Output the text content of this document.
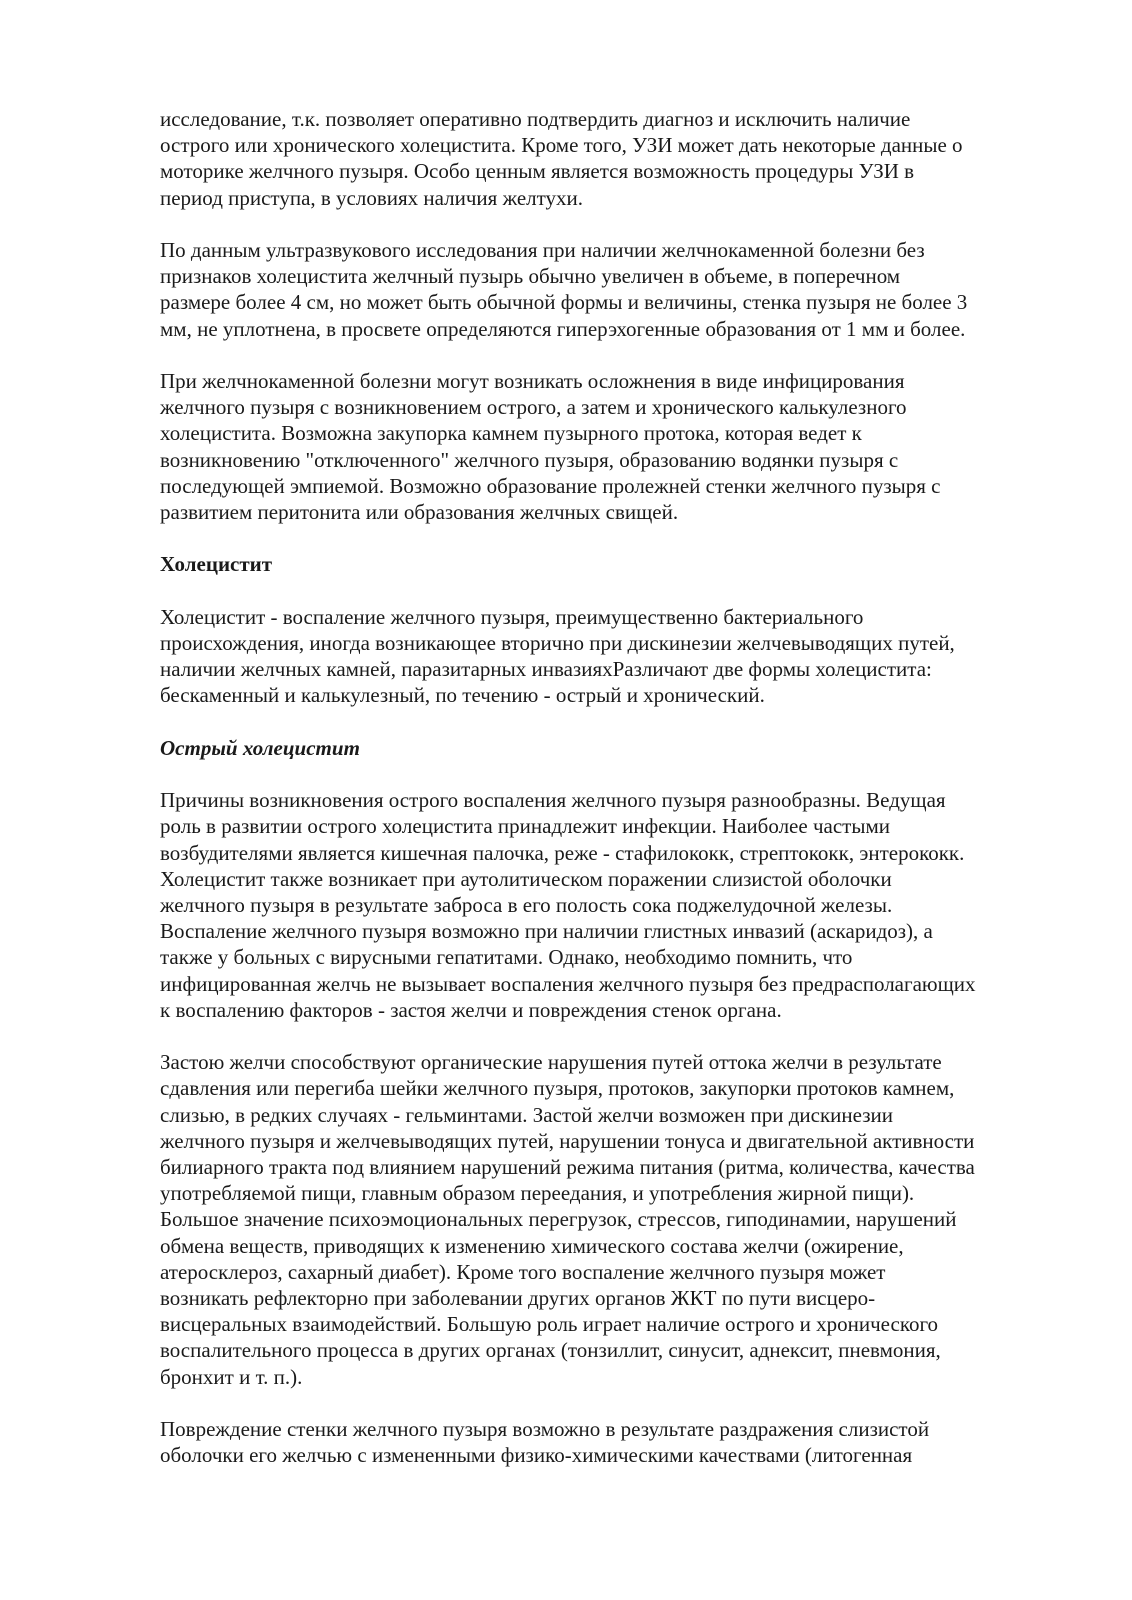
исследование, т.к. позволяет оперативно подтвердить диагноз и исключить наличие
острого или хронического холецистита. Кроме того, УЗИ может дать некоторые данные о
моторике желчного пузыря. Особо ценным является возможность процедуры УЗИ в
период приступа, в условиях наличия желтухи.
По данным ультразвукового исследования при наличии желчнокаменной болезни без
признаков холецистита желчный пузырь обычно увеличен в объеме, в поперечном
размере более 4 см, но может быть обычной формы и величины, стенка пузыря не более 3
мм, не уплотнена, в просвете определяются гиперэхогенные образования от 1 мм и более.
При желчнокаменной болезни могут возникать осложнения в виде инфицирования
желчного пузыря с возникновением острого, а затем и хронического калькулезного
холецистита. Возможна закупорка камнем пузырного протока, которая ведет к
возникновению "отключенного" желчного пузыря, образованию водянки пузыря с
последующей эмпиемой. Возможно образование пролежней стенки желчного пузыря с
развитием перитонита или образования желчных свищей.
Холецистит
Холецистит - воспаление желчного пузыря, преимущественно бактериального
происхождения, иногда возникающее вторично при дискинезии желчевыводящих путей,
наличии желчных камней, паразитарных инвазияхРазличают две формы холецистита:
бескаменный и калькулезный, по течению - острый и хронический.
Острый холецистит
Причины возникновения острого воспаления желчного пузыря разнообразны. Ведущая
роль в развитии острого холецистита принадлежит инфекции. Наиболее частыми
возбудителями является кишечная палочка, реже - стафилококк, стрептококк, энтерококк.
Холецистит также возникает при аутолитическом поражении слизистой оболочки
желчного пузыря в результате заброса в его полость сока поджелудочной железы.
Воспаление желчного пузыря возможно при наличии глистных инвазий (аскаридоз), а
также у больных с вирусными гепатитами. Однако, необходимо помнить, что
инфицированная желчь не вызывает воспаления желчного пузыря без предрасполагающих
к воспалению факторов - застоя желчи и повреждения стенок органа.
Застою желчи способствуют органические нарушения путей оттока желчи в результате
сдавления или перегиба шейки желчного пузыря, протоков, закупорки протоков камнем,
слизью, в редких случаях - гельминтами. Застой желчи возможен при дискинезии
желчного пузыря и желчевыводящих путей, нарушении тонуса и двигательной активности
билиарного тракта под влиянием нарушений режима питания (ритма, количества, качества
употребляемой пищи, главным образом переедания, и употребления жирной пищи).
Большое значение психоэмоциональных перегрузок, стрессов, гиподинамии, нарушений
обмена веществ, приводящих к изменению химического состава желчи (ожирение,
атеросклероз, сахарный диабет). Кроме того воспаление желчного пузыря может
возникать рефлекторно при заболевании других органов ЖКТ по пути висцеро-
висцеральных взаимодействий. Большую роль играет наличие острого и хронического
воспалительного процесса в других органах (тонзиллит, синусит, аднексит, пневмония,
бронхит и т. п.).
Повреждение стенки желчного пузыря возможно в результате раздражения слизистой
оболочки его желчью с измененными физико-химическими качествами (литогенная
